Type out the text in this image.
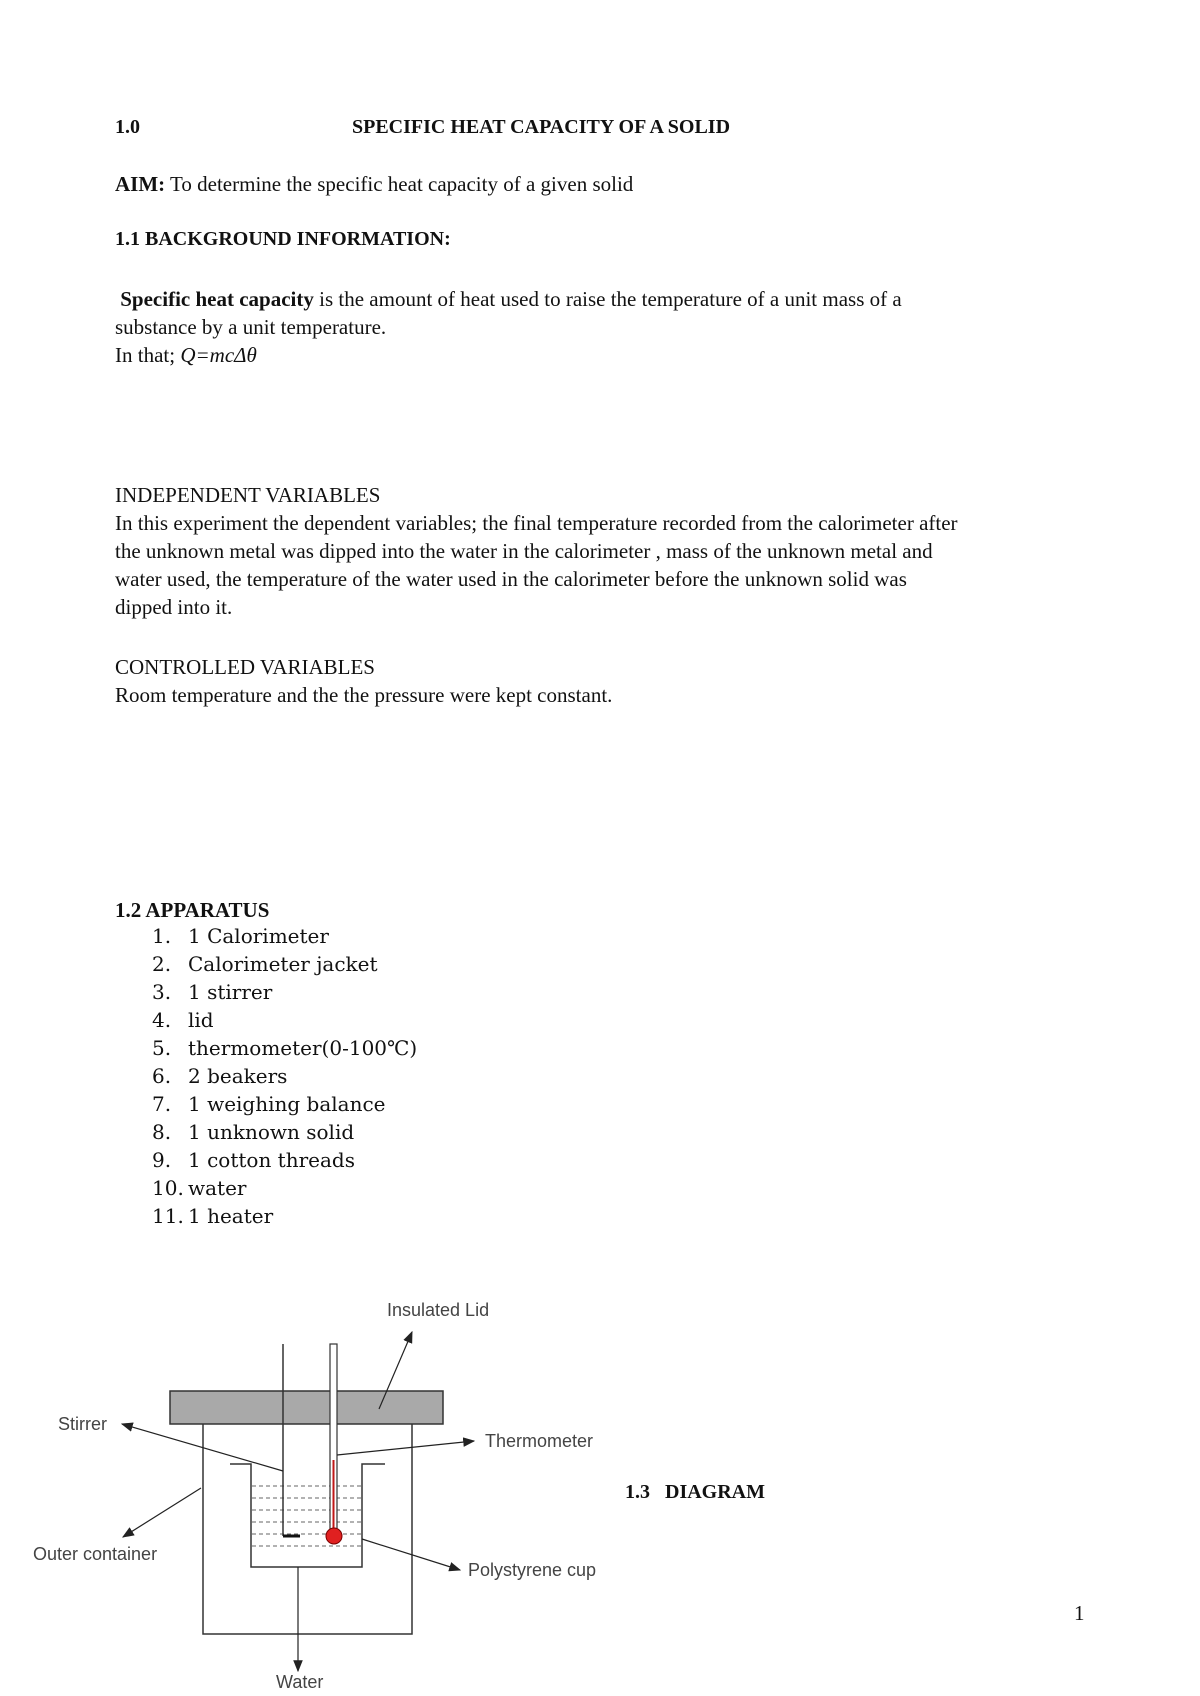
1.0	SPECIFIC HEAT CAPACITY OF A SOLID
AIM: To determine the specific heat capacity of a given solid
1.1 BACKGROUND INFORMATION:
Specific heat capacity is the amount of heat used to raise the temperature of a unit mass of a
substance by a unit temperature.
In that; Q=mcΔθ
INDEPENDENT VARIABLES
In this experiment the dependent variables; the final temperature recorded from the calorimeter after
the unknown metal was dipped into the water in the calorimeter , mass of the unknown metal and
water used, the temperature of the water used in the calorimeter before the unknown solid was
dipped into it.
CONTROLLED VARIABLES
Room temperature and the the pressure were kept constant.
1.2 APPARATUS
1. 1 Calorimeter
2. Calorimeter jacket
3. 1 stirrer
4. lid
5. thermometer(0-100℃)
6. 2 beakers
7. 1 weighing balance
8. 1 unknown solid
9. 1 cotton threads
10. water
11. 1 heater
Insulated Lid
Stirrer
Thermometer
Outer container
Polystyrene cup
Water
1.3   DIAGRAM
1
